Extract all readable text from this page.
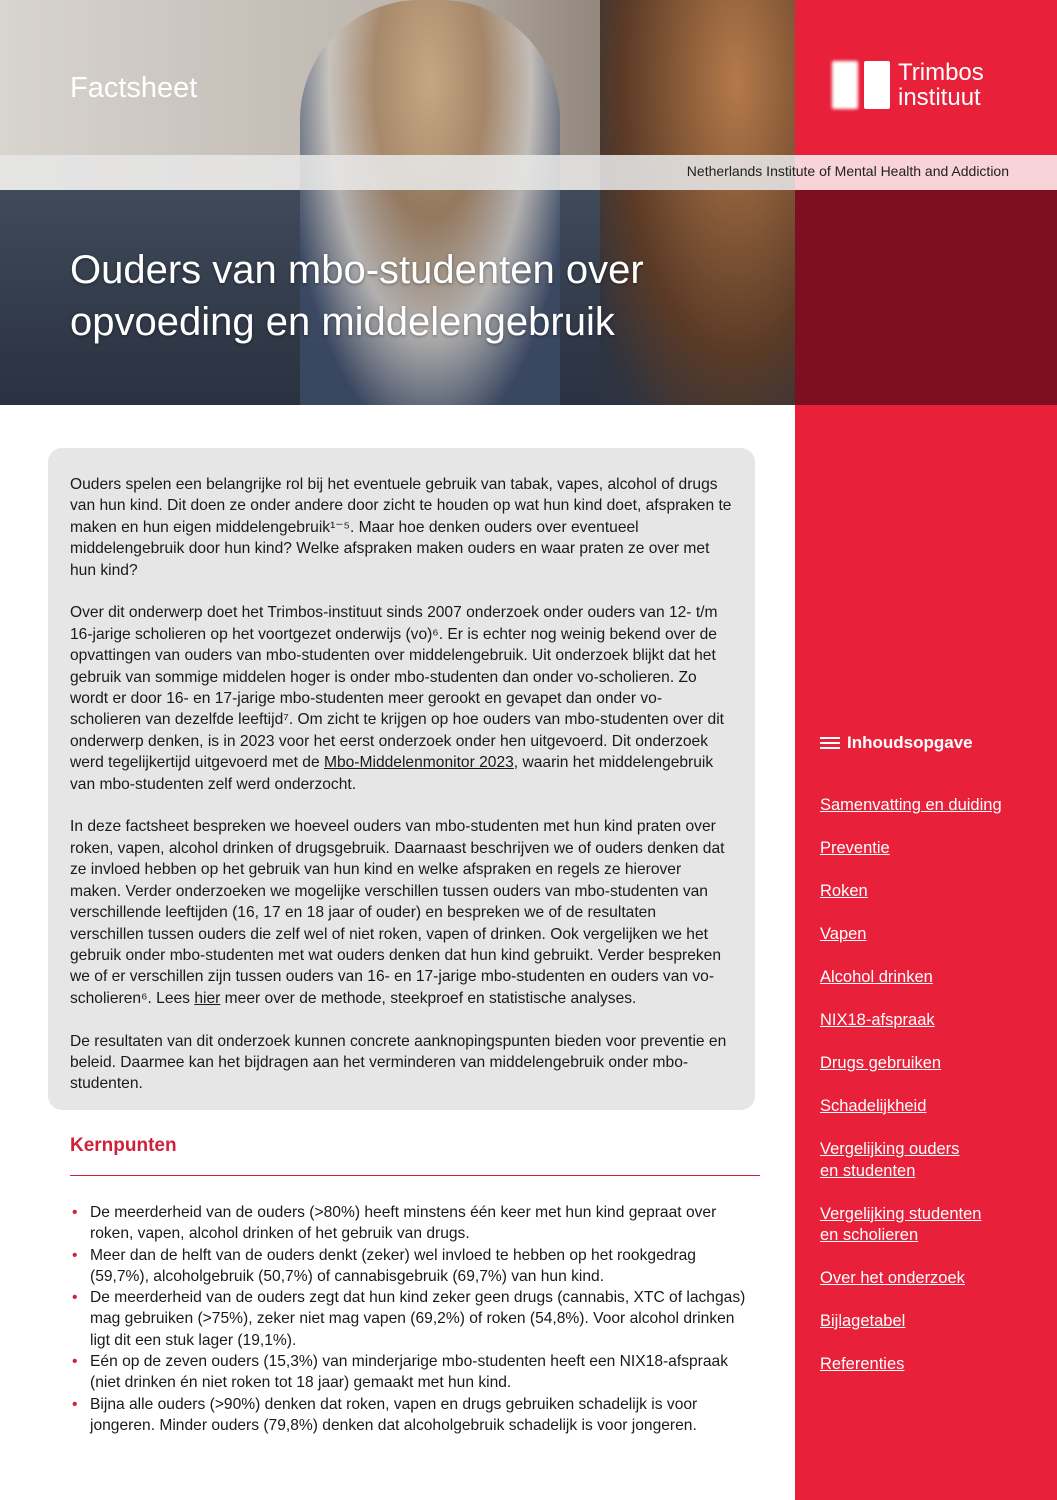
Netherlands Institute of Mental Health and Addiction
Factsheet
Ouders van mbo-studenten over
opvoeding en middelengebruik
Trimbos
instituut

Ouders spelen een belangrijke rol bij het eventuele gebruik van tabak, vapes, alcohol of drugs van hun kind. Dit doen ze onder andere door zicht te houden op wat hun kind doet, afspraken te maken en hun eigen middelengebruik¹⁻⁵. Maar hoe denken ouders over eventueel middelengebruik door hun kind? Welke afspraken maken ouders en waar praten ze over met hun kind?

Over dit onderwerp doet het Trimbos-instituut sinds 2007 onderzoek onder ouders van 12- t/m 16-jarige scholieren op het voortgezet onderwijs (vo)⁶. Er is echter nog weinig bekend over de opvattingen van ouders van mbo-studenten over middelengebruik. Uit onderzoek blijkt dat het gebruik van sommige middelen hoger is onder mbo-studenten dan onder vo-scholieren. Zo wordt er door 16- en 17-jarige mbo-studenten meer gerookt en gevapet dan onder vo-scholieren van dezelfde leeftijd⁷. Om zicht te krijgen op hoe ouders van mbo-studenten over dit onderwerp denken, is in 2023 voor het eerst onderzoek onder hen uitgevoerd. Dit onderzoek werd tegelijkertijd uitgevoerd met de Mbo-Middelenmonitor 2023, waarin het middelengebruik van mbo-studenten zelf werd onderzocht.

In deze factsheet bespreken we hoeveel ouders van mbo-studenten met hun kind praten over roken, vapen, alcohol drinken of drugsgebruik. Daarnaast beschrijven we of ouders denken dat ze invloed hebben op het gebruik van hun kind en welke afspraken en regels ze hierover maken. Verder onderzoeken we mogelijke verschillen tussen ouders van mbo-studenten van verschillende leeftijden (16, 17 en 18 jaar of ouder) en bespreken we of de resultaten verschillen tussen ouders die zelf wel of niet roken, vapen of drinken. Ook vergelijken we het gebruik onder mbo-studenten met wat ouders denken dat hun kind gebruikt. Verder bespreken we of er verschillen zijn tussen ouders van 16- en 17-jarige mbo-studenten en ouders van vo-scholieren⁶. Lees hier meer over de methode, steekproef en statistische analyses.

De resultaten van dit onderzoek kunnen concrete aanknopingspunten bieden voor preventie en beleid. Daarmee kan het bijdragen aan het verminderen van middelengebruik onder mbo-studenten.

Kernpunten
• De meerderheid van de ouders (>80%) heeft minstens één keer met hun kind gepraat over roken, vapen, alcohol drinken of het gebruik van drugs.
• Meer dan de helft van de ouders denkt (zeker) wel invloed te hebben op het rookgedrag (59,7%), alcoholgebruik (50,7%) of cannabisgebruik (69,7%) van hun kind.
• De meerderheid van de ouders zegt dat hun kind zeker geen drugs (cannabis, XTC of lachgas) mag gebruiken (>75%), zeker niet mag vapen (69,2%) of roken (54,8%). Voor alcohol drinken ligt dit een stuk lager (19,1%).
• Eén op de zeven ouders (15,3%) van minderjarige mbo-studenten heeft een NIX18-afspraak (niet drinken én niet roken tot 18 jaar) gemaakt met hun kind.
• Bijna alle ouders (>90%) denken dat roken, vapen en drugs gebruiken schadelijk is voor jongeren. Minder ouders (79,8%) denken dat alcoholgebruik schadelijk is voor jongeren.
Inhoudsopgave
Samenvatting en duiding
Preventie
Roken
Vapen
Alcohol drinken
NIX18-afspraak
Drugs gebruiken
Schadelijkheid
Vergelijking ouders en studenten
Vergelijking studenten en scholieren
Over het onderzoek
Bijlagetabel
Referenties
